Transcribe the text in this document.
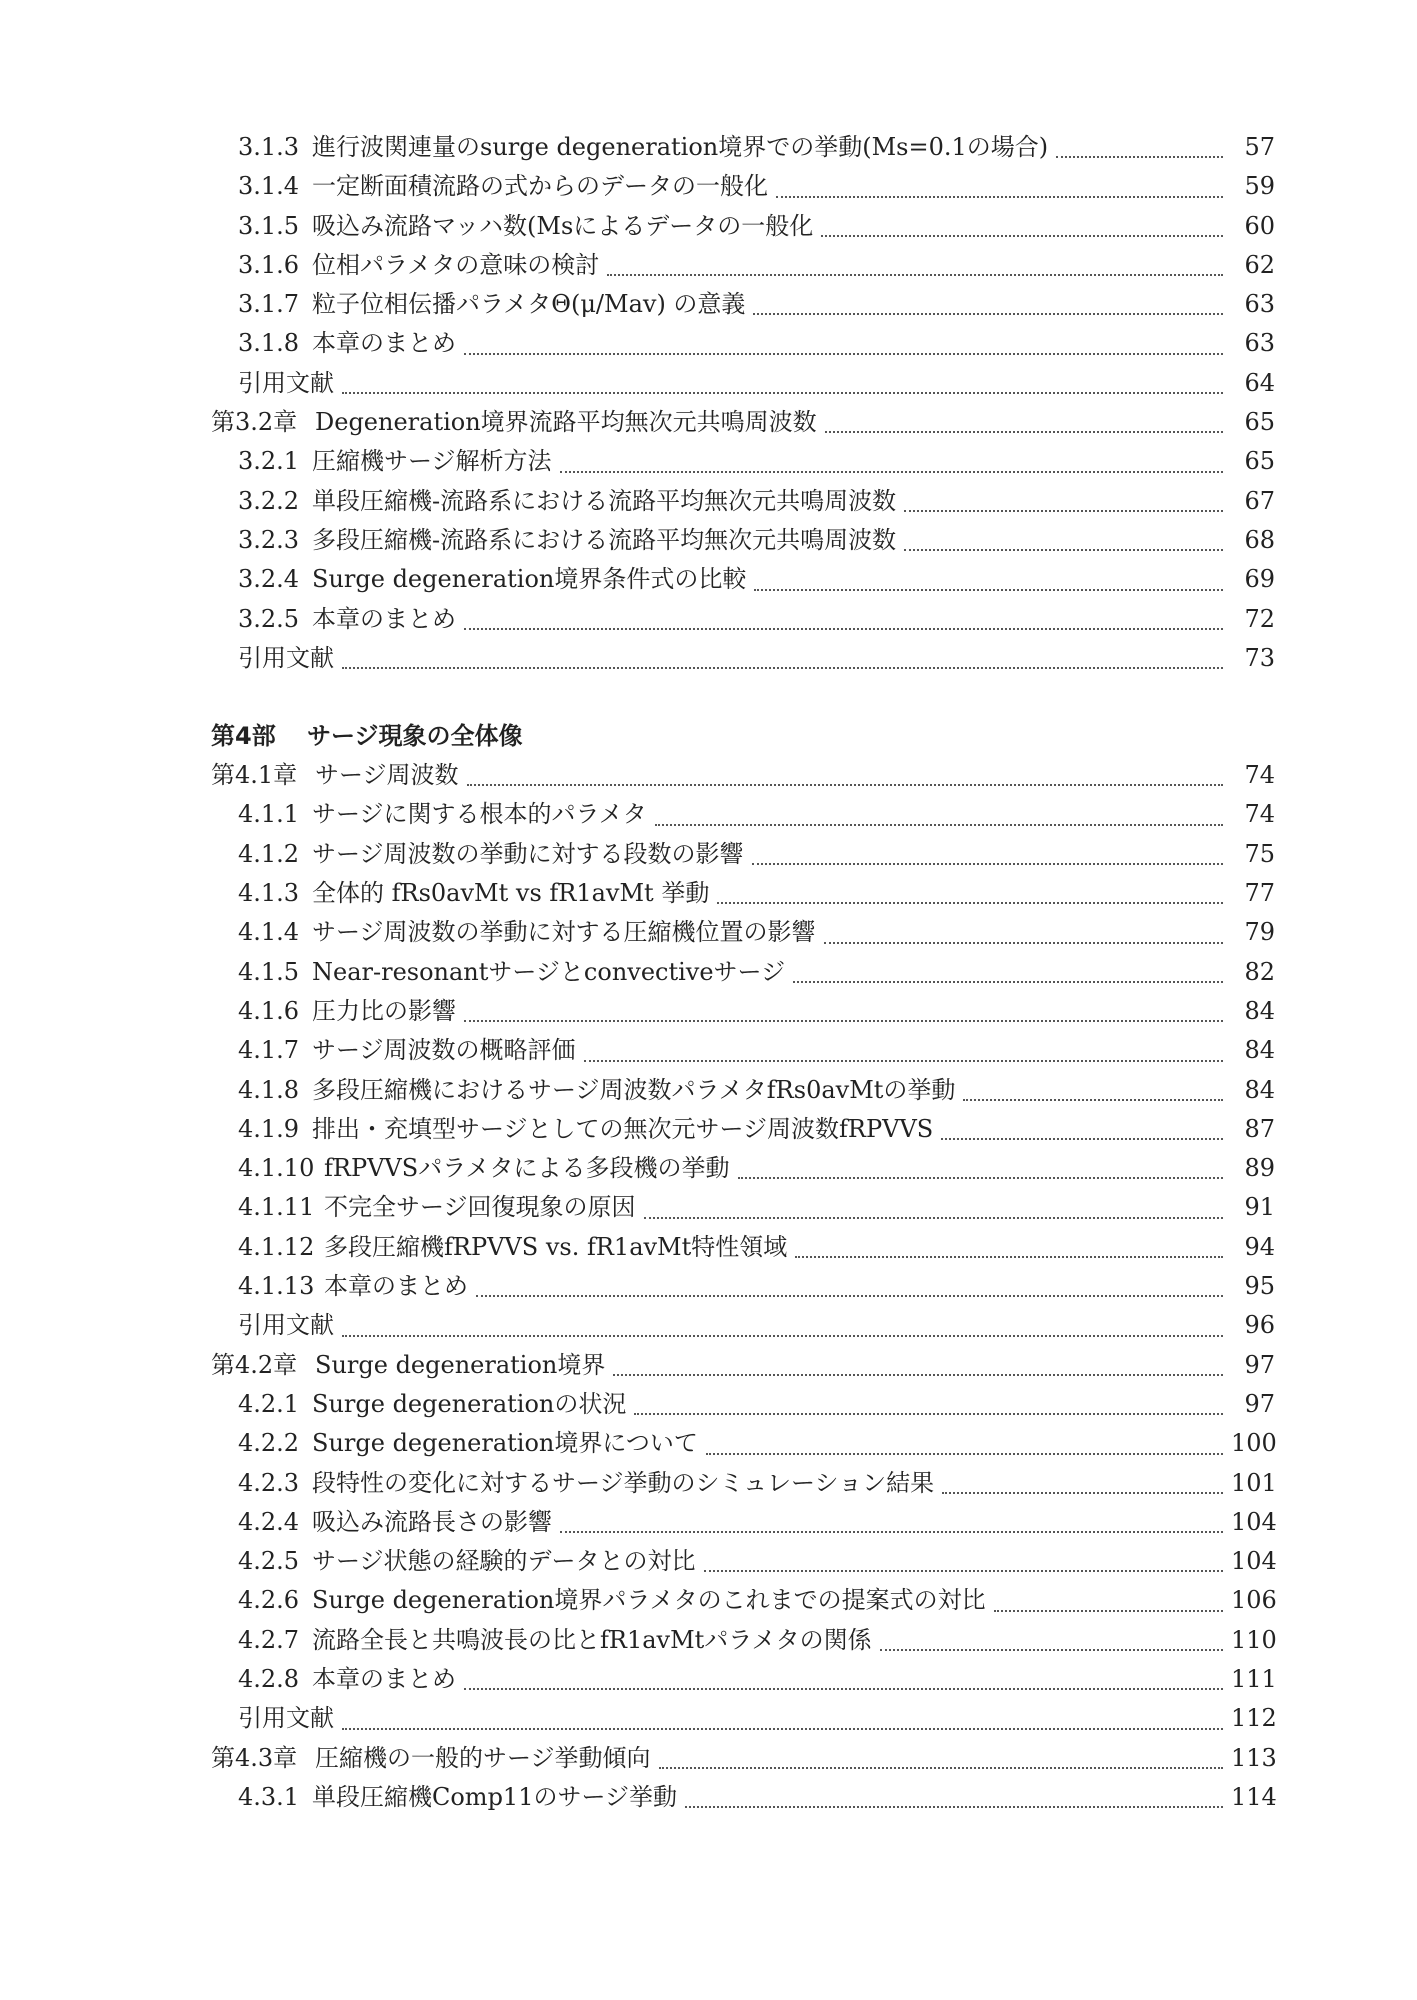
3.1.3 進行波関連量のsurge degeneration境界での挙動(Ms=0.1の場合)	57
3.1.4 一定断面積流路の式からのデータの一般化	59
3.1.5 吸込み流路マッハ数(Msによるデータの一般化	60
3.1.6 位相パラメタの意味の検討	62
3.1.7 粒子位相伝播パラメタΘ(μ/Mav) の意義	63
3.1.8 本章のまとめ	63
引用文献	64
第3.2章 Degeneration境界流路平均無次元共鳴周波数	65
3.2.1 圧縮機サージ解析方法	65
3.2.2 単段圧縮機-流路系における流路平均無次元共鳴周波数	67
3.2.3 多段圧縮機-流路系における流路平均無次元共鳴周波数	68
3.2.4 Surge degeneration境界条件式の比較	69
3.2.5 本章のまとめ	72
引用文献	73
第4部 サージ現象の全体像
第4.1章 サージ周波数	74
4.1.1 サージに関する根本的パラメタ	74
4.1.2 サージ周波数の挙動に対する段数の影響	75
4.1.3 全体的 fRs0avMt vs fR1avMt 挙動	77
4.1.4 サージ周波数の挙動に対する圧縮機位置の影響	79
4.1.5 Near-resonantサージとconvectiveサージ	82
4.1.6 圧力比の影響	84
4.1.7 サージ周波数の概略評価	84
4.1.8 多段圧縮機におけるサージ周波数パラメタfRs0avMtの挙動	84
4.1.9 排出・充填型サージとしての無次元サージ周波数fRPVVS	87
4.1.10 fRPVVSパラメタによる多段機の挙動	89
4.1.11 不完全サージ回復現象の原因	91
4.1.12 多段圧縮機fRPVVS vs. fR1avMt特性領域	94
4.1.13 本章のまとめ	95
引用文献	96
第4.2章 Surge degeneration境界	97
4.2.1 Surge degenerationの状況	97
4.2.2 Surge degeneration境界について	100
4.2.3 段特性の変化に対するサージ挙動のシミュレーション結果	101
4.2.4 吸込み流路長さの影響	104
4.2.5 サージ状態の経験的データとの対比	104
4.2.6 Surge degeneration境界パラメタのこれまでの提案式の対比	106
4.2.7 流路全長と共鳴波長の比とfR1avMtパラメタの関係	110
4.2.8 本章のまとめ	111
引用文献	112
第4.3章 圧縮機の一般的サージ挙動傾向	113
4.3.1 単段圧縮機Comp11のサージ挙動	114
